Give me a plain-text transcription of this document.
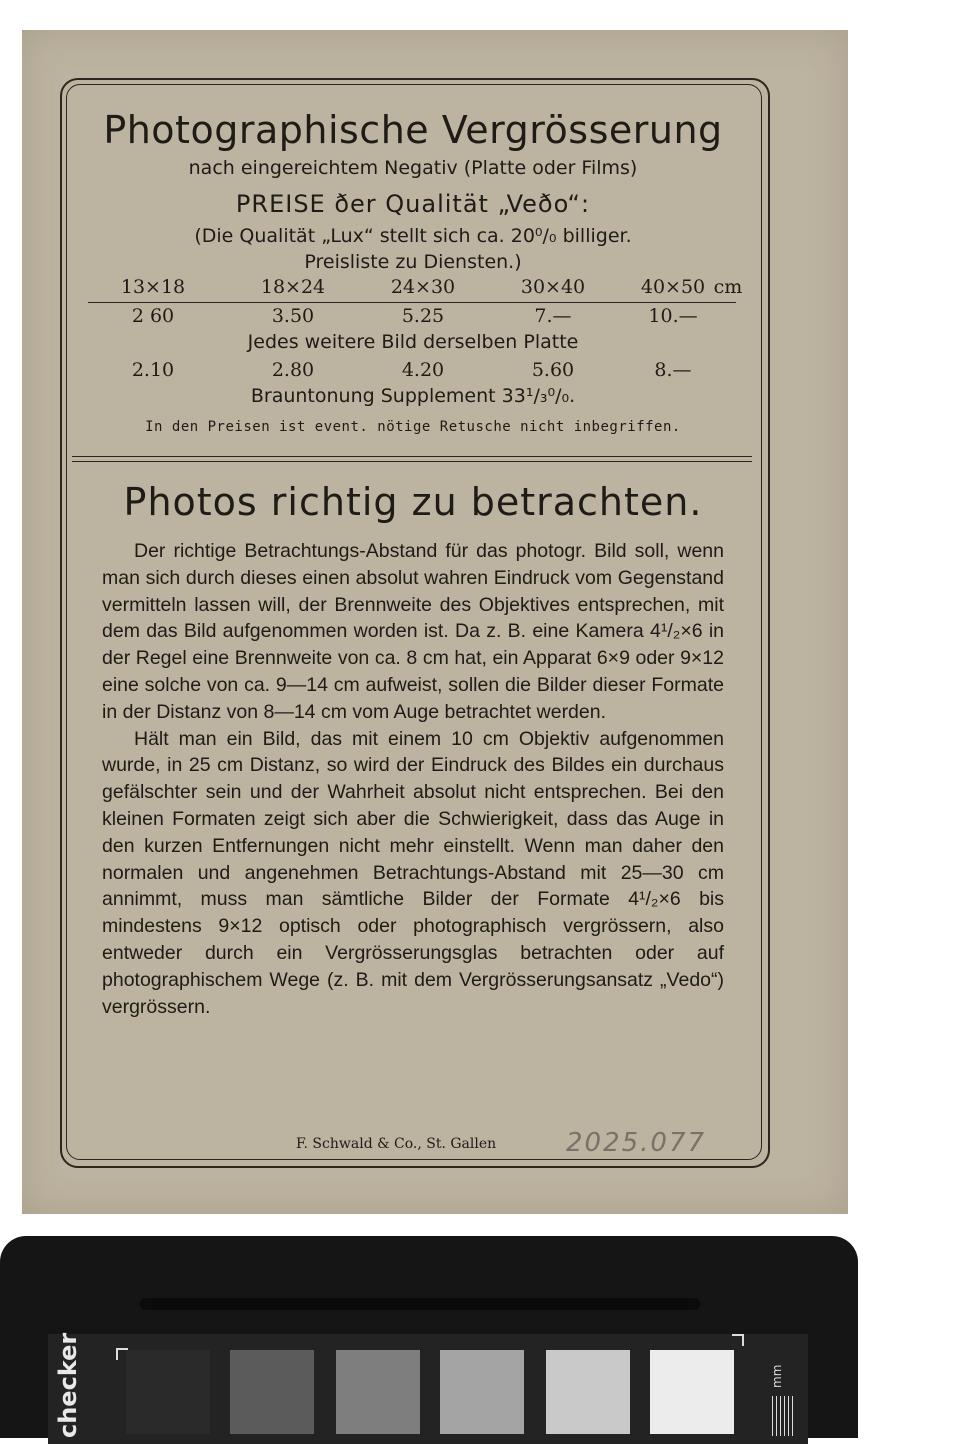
Photographische Vergrösserung
nach eingereichtem Negativ (Platte oder Films)
PREISE ðer Qualität „Veðo“:
(Die Qualität „Lux“ stellt sich ca. 20⁰/₀ billiger.
Preisliste zu Diensten.)
13×18	18×24	24×30	30×40	40×50 cm
2 60	3.50	5.25	7.—	10.—
Jedes weitere Bild derselben Platte
2.10	2.80	4.20	5.60	8.—
Brauntonung Supplement 33¹/₃⁰/₀.
In den Preisen ist event. nötige Retusche nicht inbegriffen.
Photos richtig zu betrachten.

Der richtige Betrachtungs-Abstand für das photogr. Bild soll, wenn man sich durch dieses einen absolut wahren Eindruck vom Gegenstand vermitteln lassen will, der Brennweite des Objektives entsprechen, mit dem das Bild aufgenommen worden ist. Da z. B. eine Kamera 4¹/₂×6 in der Regel eine Brennweite von ca. 8 cm hat, ein Apparat 6×9 oder 9×12 eine solche von ca. 9—14 cm aufweist, sollen die Bilder dieser Formate in der Distanz von 8—14 cm vom Auge betrachtet werden.

Hält man ein Bild, das mit einem 10 cm Objektiv aufgenommen wurde, in 25 cm Distanz, so wird der Eindruck des Bildes ein durchaus gefälschter sein und der Wahrheit absolut nicht entsprechen. Bei den kleinen Formaten zeigt sich aber die Schwierigkeit, dass das Auge in den kurzen Entfernungen nicht mehr einstellt. Wenn man daher den normalen und angenehmen Betrachtungs-Abstand mit 25—30 cm annimmt, muss man sämtliche Bilder der Formate 4¹/₂×6 bis mindestens 9×12 optisch oder photographisch vergrössern, also entweder durch ein Vergrösserungsglas betrachten oder auf photographischem Wege (z. B. mit dem Vergrösserungsansatz „Vedo“) vergrössern.

F. Schwald & Co., St. Gallen	2025.077
checker	mm
